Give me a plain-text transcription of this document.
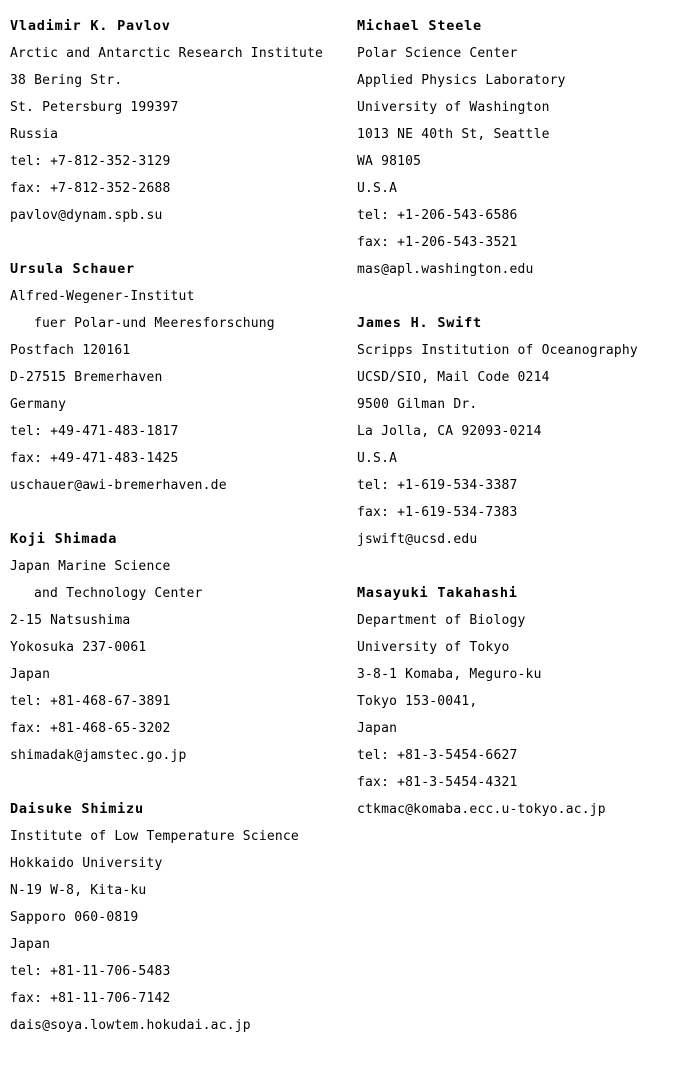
Vladimir K. Pavlov
Arctic and Antarctic Research Institute
38 Bering Str.
St. Petersburg 199397
Russia
tel: +7-812-352-3129
fax: +7-812-352-2688
pavlov@dynam.spb.su
Ursula Schauer
Alfred-Wegener-Institut
fuer Polar-und Meeresforschung
Postfach 120161
D-27515 Bremerhaven
Germany
tel: +49-471-483-1817
fax: +49-471-483-1425
uschauer@awi-bremerhaven.de
Koji Shimada
Japan Marine Science
and Technology Center
2-15 Natsushima
Yokosuka 237-0061
Japan
tel: +81-468-67-3891
fax: +81-468-65-3202
shimadak@jamstec.go.jp
Daisuke Shimizu
Institute of Low Temperature Science
Hokkaido University
N-19 W-8, Kita-ku
Sapporo 060-0819
Japan
tel: +81-11-706-5483
fax: +81-11-706-7142
dais@soya.lowtem.hokudai.ac.jp
Michael Steele
Polar Science Center
Applied Physics Laboratory
University of Washington
1013 NE 40th St, Seattle
WA 98105
U.S.A
tel: +1-206-543-6586
fax: +1-206-543-3521
mas@apl.washington.edu
James H. Swift
Scripps Institution of Oceanography
UCSD/SIO, Mail Code 0214
9500 Gilman Dr.
La Jolla, CA 92093-0214
U.S.A
tel: +1-619-534-3387
fax: +1-619-534-7383
jswift@ucsd.edu
Masayuki Takahashi
Department of Biology
University of Tokyo
3-8-1 Komaba, Meguro-ku
Tokyo 153-0041,
Japan
tel: +81-3-5454-6627
fax: +81-3-5454-4321
ctkmac@komaba.ecc.u-tokyo.ac.jp
